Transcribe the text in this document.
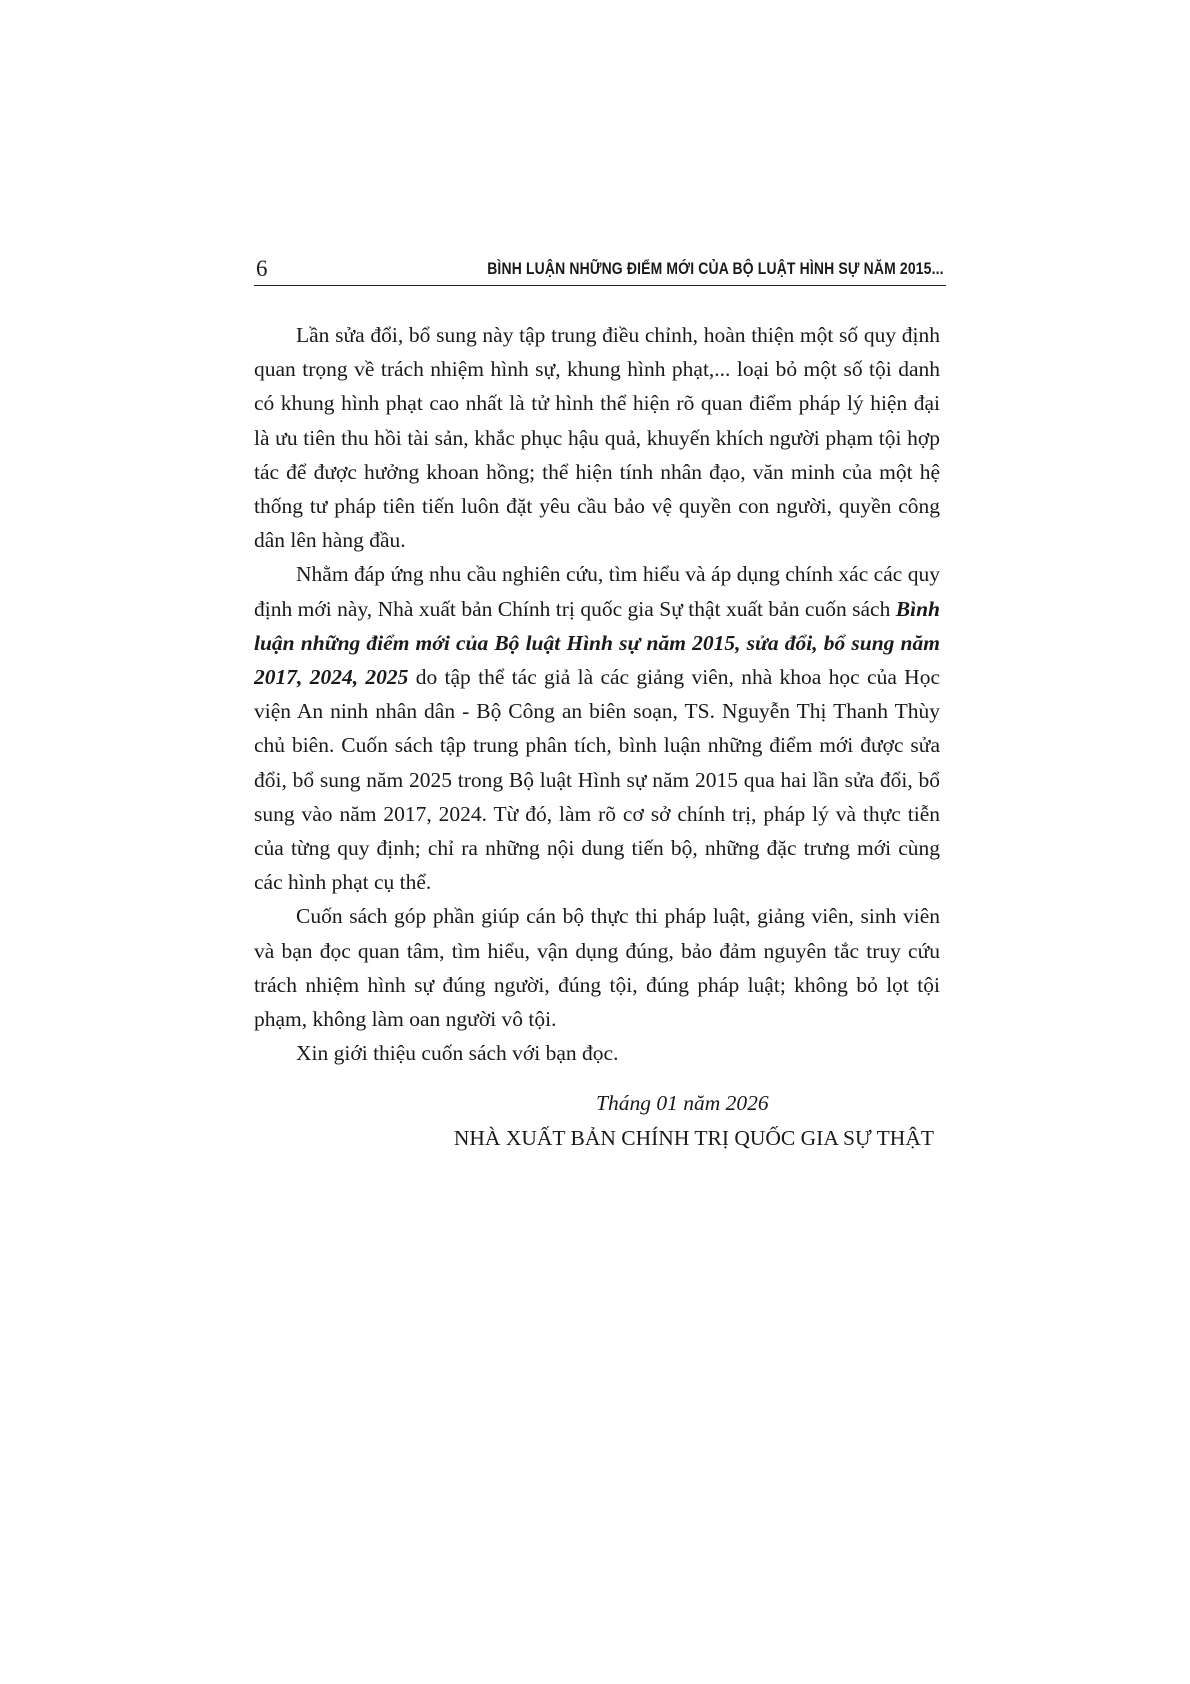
6	BÌNH LUẬN NHỮNG ĐIỂM MỚI CỦA BỘ LUẬT HÌNH SỰ NĂM 2015...

Lần sửa đổi, bổ sung này tập trung điều chỉnh, hoàn thiện một số quy định quan trọng về trách nhiệm hình sự, khung hình phạt,... loại bỏ một số tội danh có khung hình phạt cao nhất là tử hình thể hiện rõ quan điểm pháp lý hiện đại là ưu tiên thu hồi tài sản, khắc phục hậu quả, khuyến khích người phạm tội hợp tác để được hưởng khoan hồng; thể hiện tính nhân đạo, văn minh của một hệ thống tư pháp tiên tiến luôn đặt yêu cầu bảo vệ quyền con người, quyền công dân lên hàng đầu.

Nhằm đáp ứng nhu cầu nghiên cứu, tìm hiểu và áp dụng chính xác các quy định mới này, Nhà xuất bản Chính trị quốc gia Sự thật xuất bản cuốn sách Bình luận những điểm mới của Bộ luật Hình sự năm 2015, sửa đổi, bổ sung năm 2017, 2024, 2025 do tập thể tác giả là các giảng viên, nhà khoa học của Học viện An ninh nhân dân - Bộ Công an biên soạn, TS. Nguyễn Thị Thanh Thùy chủ biên. Cuốn sách tập trung phân tích, bình luận những điểm mới được sửa đổi, bổ sung năm 2025 trong Bộ luật Hình sự năm 2015 qua hai lần sửa đổi, bổ sung vào năm 2017, 2024. Từ đó, làm rõ cơ sở chính trị, pháp lý và thực tiễn của từng quy định; chỉ ra những nội dung tiến bộ, những đặc trưng mới cùng các hình phạt cụ thể.

Cuốn sách góp phần giúp cán bộ thực thi pháp luật, giảng viên, sinh viên và bạn đọc quan tâm, tìm hiểu, vận dụng đúng, bảo đảm nguyên tắc truy cứu trách nhiệm hình sự đúng người, đúng tội, đúng pháp luật; không bỏ lọt tội phạm, không làm oan người vô tội.

Xin giới thiệu cuốn sách với bạn đọc.

Tháng 01 năm 2026
NHÀ XUẤT BẢN CHÍNH TRỊ QUỐC GIA SỰ THẬT
